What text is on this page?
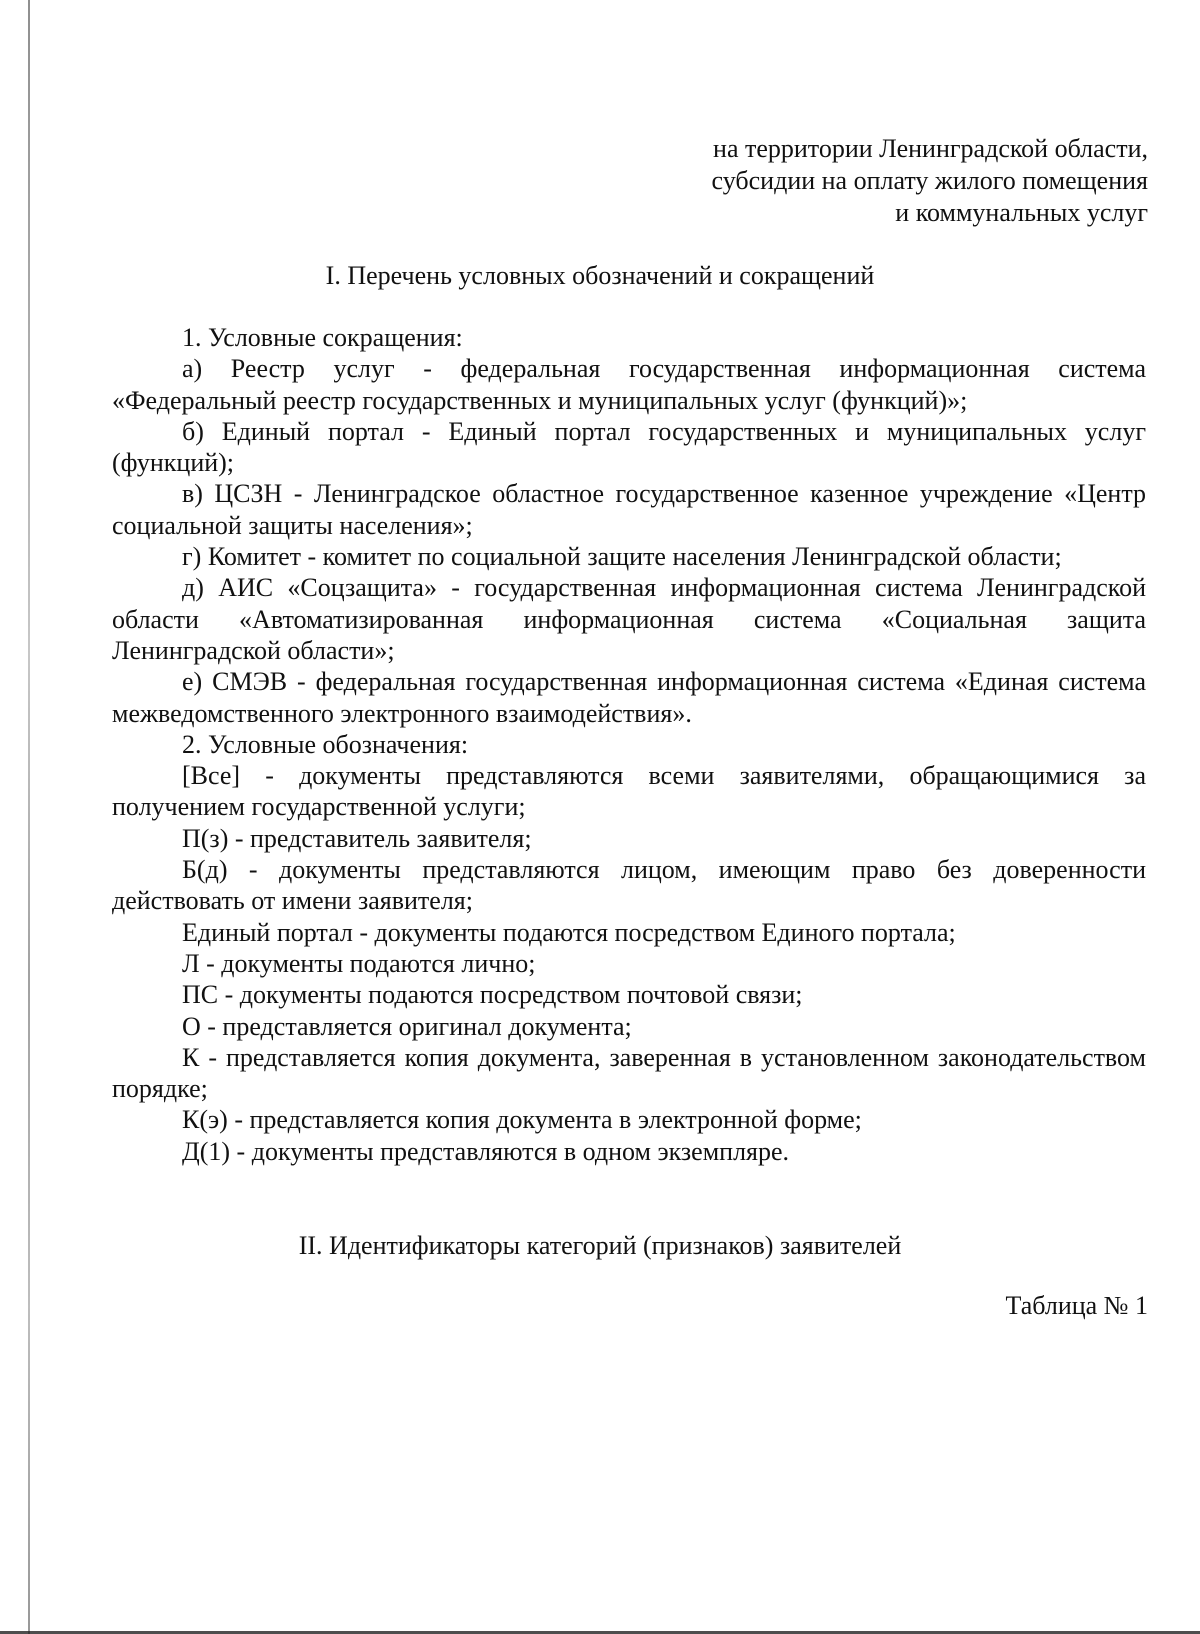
на территории Ленинградской области,
субсидии на оплату жилого помещения
и коммунальных услуг
I. Перечень условных обозначений и сокращений

1. Условные сокращения:

а) Реестр услуг - федеральная государственная информационная система «Федеральный реестр государственных и муниципальных услуг (функций)»;

б) Единый портал - Единый портал государственных и муниципальных услуг (функций);

в) ЦСЗН - Ленинградское областное государственное казенное учреждение «Центр социальной защиты населения»;

г) Комитет - комитет по социальной защите населения Ленинградской области;

д) АИС «Соцзащита» - государственная информационная система Ленинградской области «Автоматизированная информационная система «Социальная защита Ленинградской области»;

е) СМЭВ - федеральная государственная информационная система «Единая система межведомственного электронного взаимодействия».

2. Условные обозначения:

[Все] - документы представляются всеми заявителями, обращающимися за получением государственной услуги;

П(з) - представитель заявителя;

Б(д) - документы представляются лицом, имеющим право без доверенности действовать от имени заявителя;

Единый портал - документы подаются посредством Единого портала;

Л - документы подаются лично;

ПС - документы подаются посредством почтовой связи;

О - представляется оригинал документа;

К - представляется копия документа, заверенная в установленном законодательством порядке;

К(э) - представляется копия документа в электронной форме;

Д(1) - документы представляются в одном экземпляре.

II. Идентификаторы категорий (признаков) заявителей
Таблица № 1
